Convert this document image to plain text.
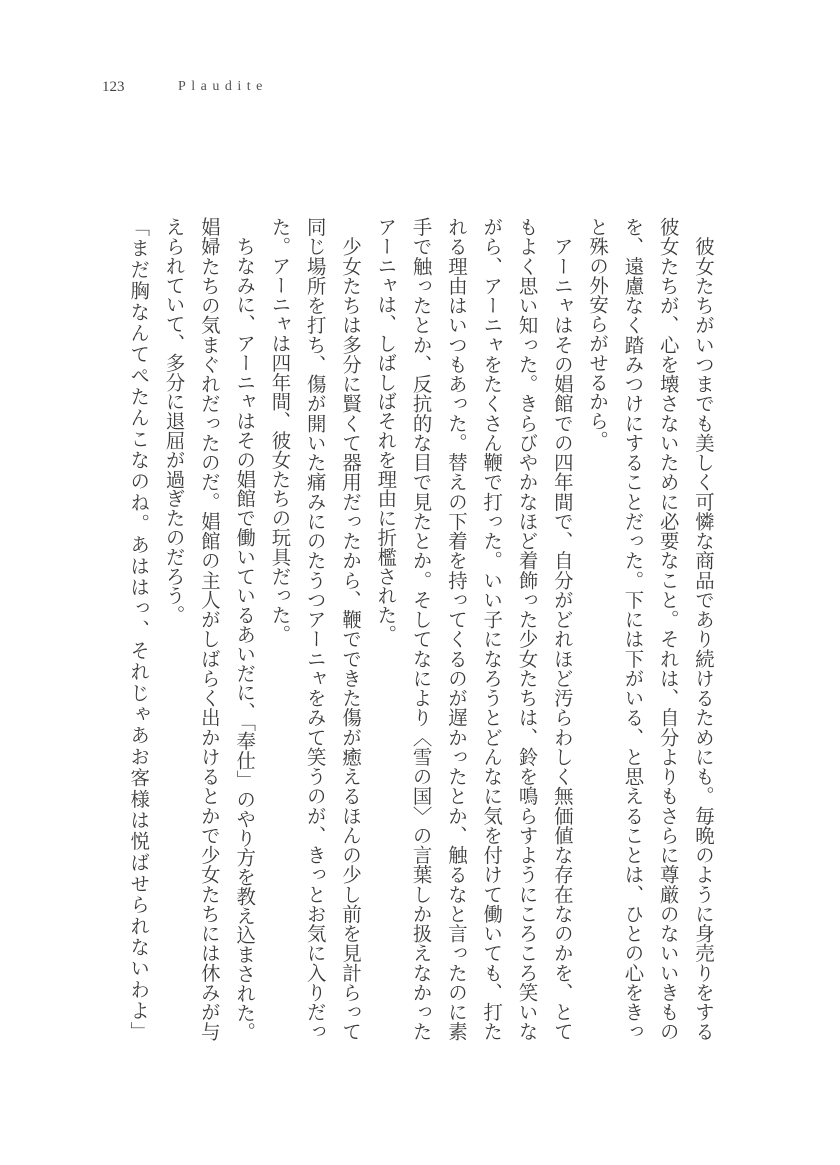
123	Plaudite
　彼女たちがいつまでも美しく可憐な商品であり続けるためにも。毎晩のように身売りをする
彼女たちが、心を壊さないために必要なこと。それは、自分よりもさらに尊厳のないいきもの
を、遠慮なく踏みつけにすることだった。下には下がいる、と思えることは、ひとの心をきっ
と殊の外安らがせるから。
　アーニャはその娼館での四年間で、自分がどれほど汚らわしく無価値な存在なのかを、とて
もよく思い知った。きらびやかなほど着飾った少女たちは、鈴を鳴らすようにころころ笑いな
がら、アーニャをたくさん鞭で打った。いい子になろうとどんなに気を付けて働いても、打た
れる理由はいつもあった。替えの下着を持ってくるのが遅かったとか、触るなと言ったのに素
手で触ったとか、反抗的な目で見たとか。そしてなにより〈雪の国〉の言葉しか扱えなかった
アーニャは、しばしばそれを理由に折檻された。
　少女たちは多分に賢くて器用だったから、鞭でできた傷が癒えるほんの少し前を見計らって
同じ場所を打ち、傷が開いた痛みにのたうつアーニャをみて笑うのが、きっとお気に入りだっ
た。アーニャは四年間、彼女たちの玩具だった。
　ちなみに、アーニャはその娼館で働いているあいだに、「奉仕」のやり方を教え込まされた。
娼婦たちの気まぐれだったのだ。娼館の主人がしばらく出かけるとかで少女たちには休みが与
えられていて、多分に退屈が過ぎたのだろう。
「まだ胸なんてぺたんこなのね。あははっ、それじゃあお客様は悦ばせられないわよ」
